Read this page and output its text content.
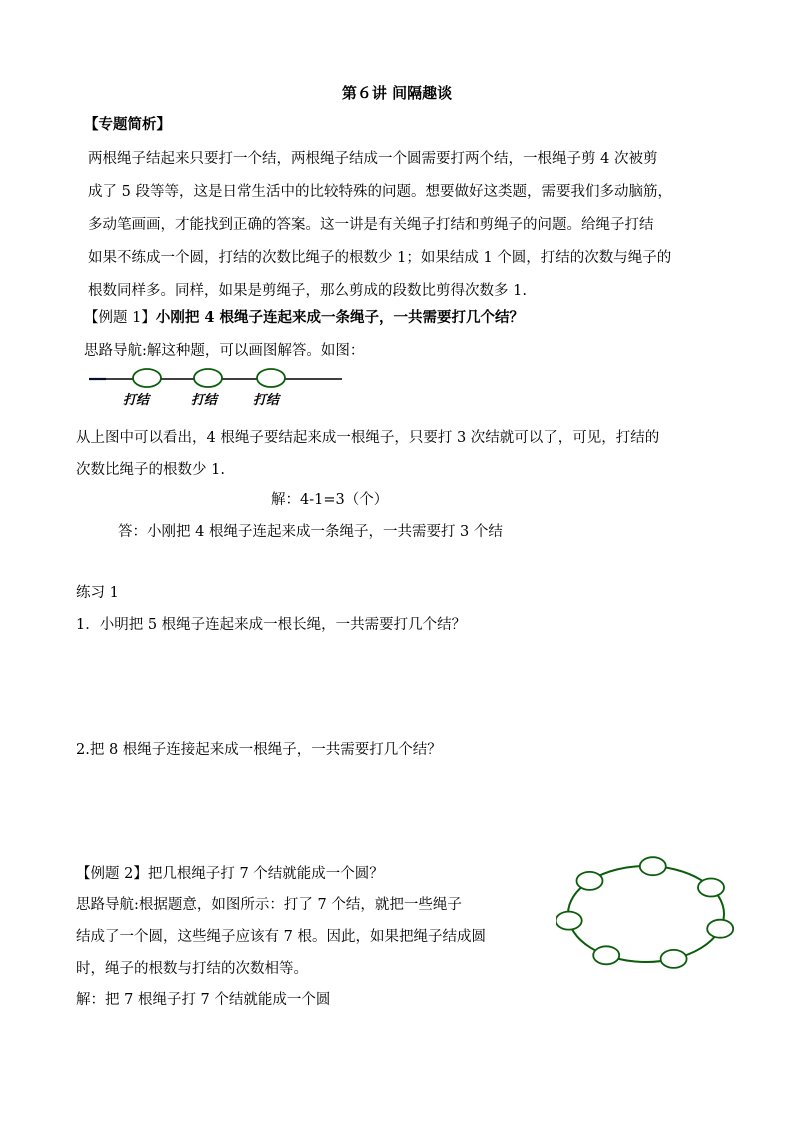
第６讲 间隔趣谈
【专题简析】
两根绳子结起来只要打一个结，两根绳子结成一个圆需要打两个结，一根绳子剪 4 次被剪
成了 5 段等等，这是日常生活中的比较特殊的问题。想要做好这类题，需要我们多动脑筋，
多动笔画画，才能找到正确的答案。这一讲是有关绳子打结和剪绳子的问题。给绳子打结
如果不练成一个圆，打结的次数比绳子的根数少 1；如果结成 1 个圆，打结的次数与绳子的
根数同样多。同样，如果是剪绳子，那么剪成的段数比剪得次数多 1.
【例题 1】小刚把 4 根绳子连起来成一条绳子，一共需要打几个结？
思路导航:解这种题，可以画图解答。如图：
打结	打结	打结
从上图中可以看出，4 根绳子要结起来成一根绳子，只要打 3 次结就可以了，可见，打结的
次数比绳子的根数少 1.
解：4-1=3（个）
答：小刚把 4 根绳子连起来成一条绳子，一共需要打 3 个结
练习 1
1．小明把 5 根绳子连起来成一根长绳，一共需要打几个结？
2.把 8 根绳子连接起来成一根绳子，一共需要打几个结？
【例题 2】把几根绳子打 7 个结就能成一个圆？
思路导航:根据题意，如图所示：打了 7 个结，就把一些绳子
结成了一个圆，这些绳子应该有 7 根。因此，如果把绳子结成圆
时，绳子的根数与打结的次数相等。
解：把 7 根绳子打 7 个结就能成一个圆
